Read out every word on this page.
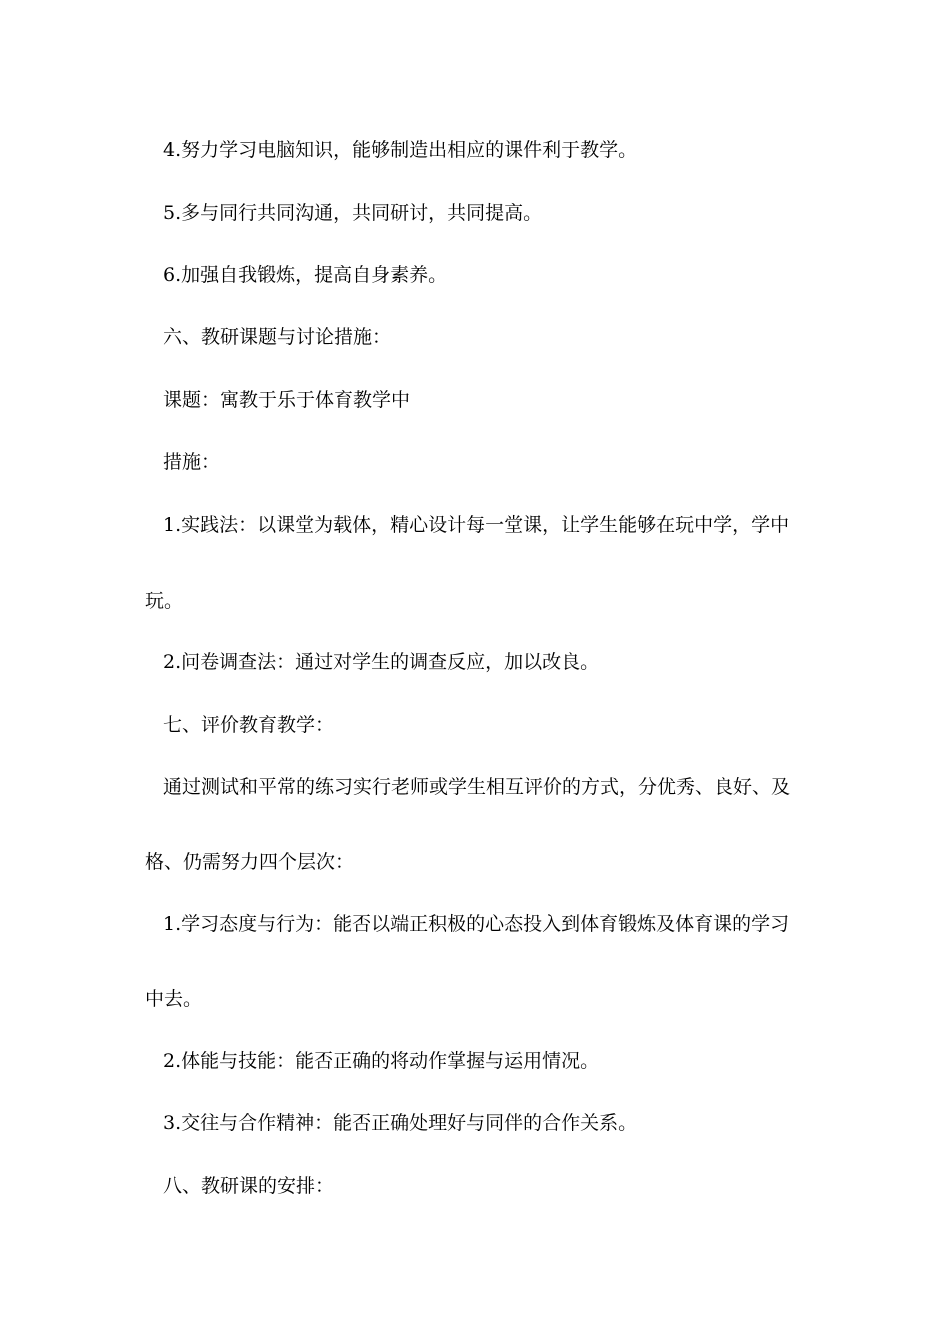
4.努力学习电脑知识，能够制造出相应的课件利于教学。
5.多与同行共同沟通，共同研讨，共同提高。
6.加强自我锻炼，提高自身素养。
六、教研课题与讨论措施：
课题：寓教于乐于体育教学中
措施：
1.实践法：以课堂为载体，精心设计每一堂课，让学生能够在玩中学，学中
玩。
2.问卷调查法：通过对学生的调查反应，加以改良。
七、评价教育教学：
通过测试和平常的练习实行老师或学生相互评价的方式，分优秀、良好、及
格、仍需努力四个层次：
1.学习态度与行为：能否以端正积极的心态投入到体育锻炼及体育课的学习
中去。
2.体能与技能：能否正确的将动作掌握与运用情况。
3.交往与合作精神：能否正确处理好与同伴的合作关系。
八、教研课的安排：
